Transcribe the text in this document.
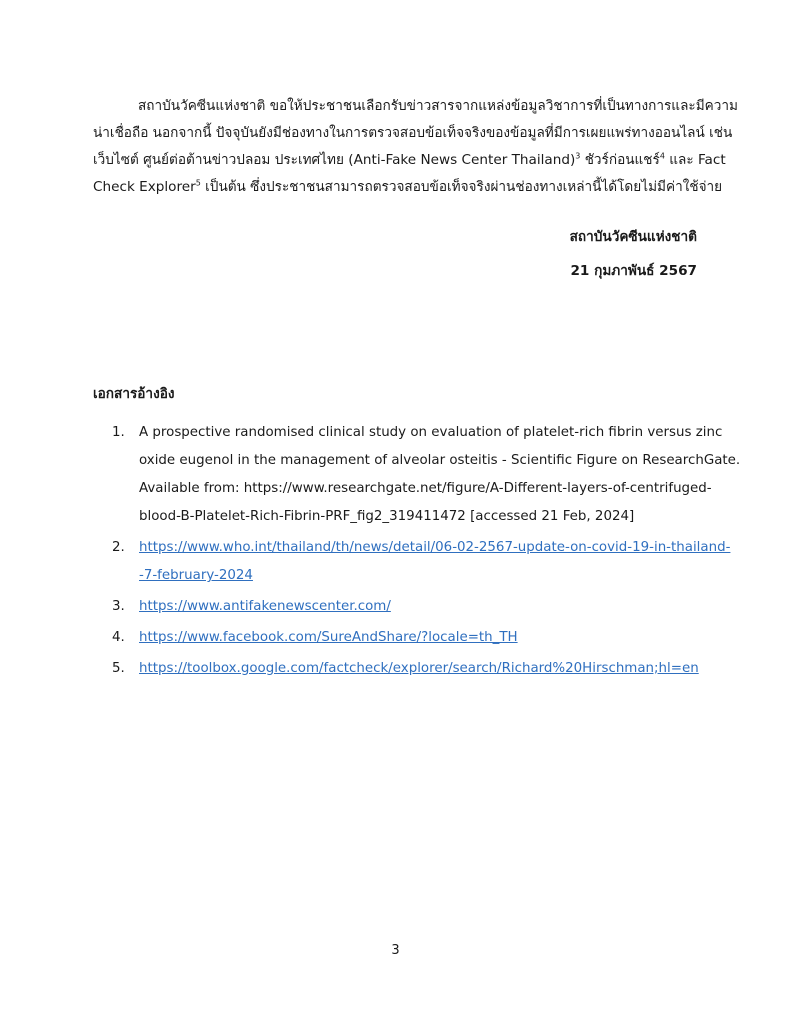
สถาบันวัคซีนแห่งชาติ ขอให้ประชาชนเลือกรับข่าวสารจากแหล่งข้อมูลวิชาการที่เป็นทางการและมีความ
น่าเชื่อถือ นอกจากนี้ ปัจจุบันยังมีช่องทางในการตรวจสอบข้อเท็จจริงของข้อมูลที่มีการเผยแพร่ทางออนไลน์ เช่น
เว็บไซต์ ศูนย์ต่อต้านข่าวปลอม ประเทศไทย (Anti-Fake News Center Thailand)$^3$ ชัวร์ก่อนแชร์$^4$ และ Fact
Check Explorer$^5$ เป็นต้น ซึ่งประชาชนสามารถตรวจสอบข้อเท็จจริงผ่านช่องทางเหล่านี้ได้โดยไม่มีค่าใช้จ่าย
สถาบันวัคซีนแห่งชาติ
21 กุมภาพันธ์ 2567
เอกสารอ้างอิง
1. A prospective randomised clinical study on evaluation of platelet-rich fibrin versus zinc
oxide eugenol in the management of alveolar osteitis - Scientific Figure on ResearchGate.
Available from: https://www.researchgate.net/figure/A-Different-layers-of-centrifuged-
blood-B-Platelet-Rich-Fibrin-PRF_fig2_319411472 [accessed 21 Feb, 2024]
2. https://www.who.int/thailand/th/news/detail/06-02-2567-update-on-covid-19-in-thailand-
-7-february-2024
3. https://www.antifakenewscenter.com/
4. https://www.facebook.com/SureAndShare/?locale=th_TH
5. https://toolbox.google.com/factcheck/explorer/search/Richard%20Hirschman;hl=en
3
